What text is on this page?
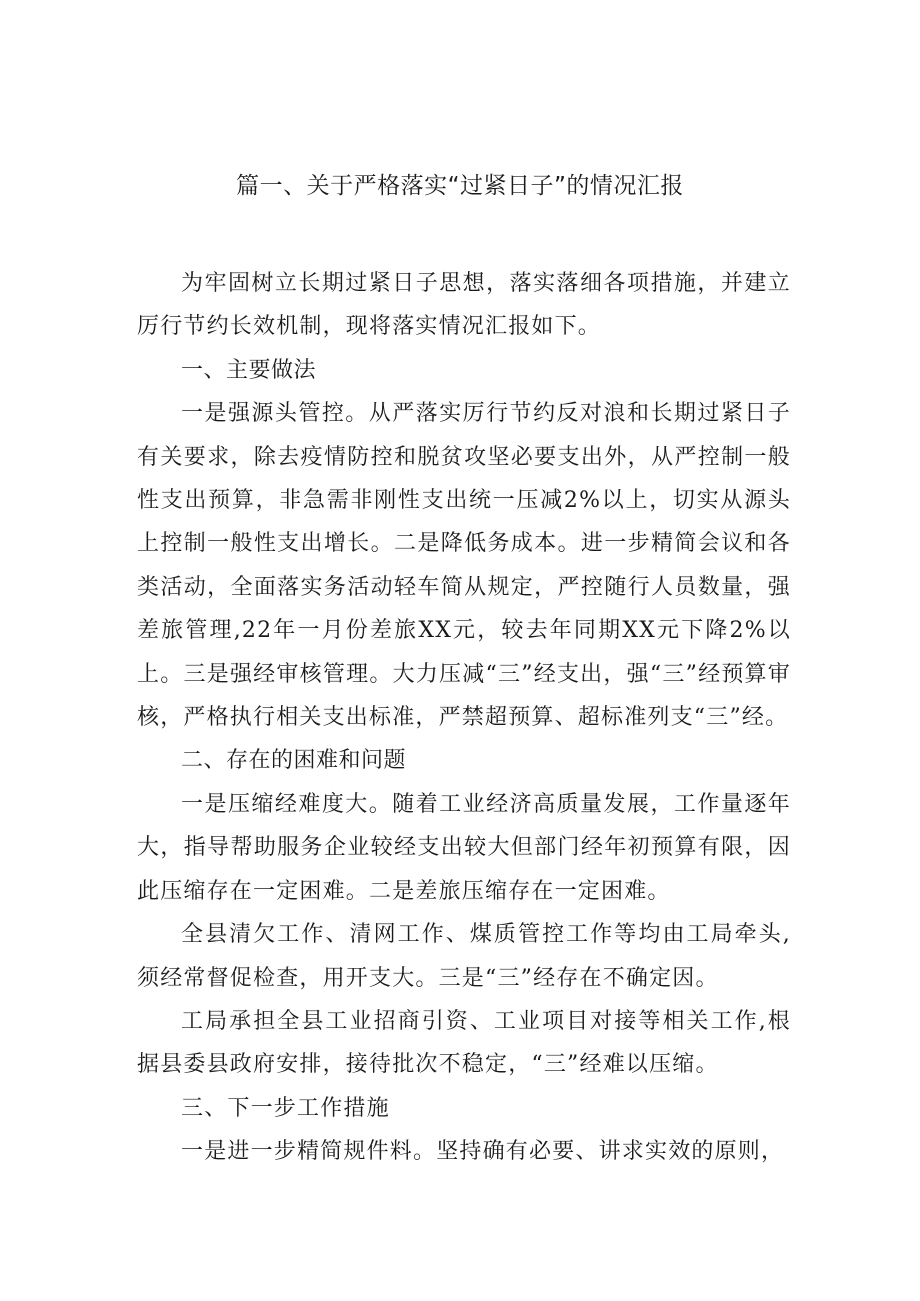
篇一、关于严格落实“过紧日子”的情况汇报

为牢固树立长期过紧日子思想，落实落细各项措施，并建立厉行节约长效机制，现将落实情况汇报如下。

一、主要做法

一是强源头管控。从严落实厉行节约反对浪和长期过紧日子有关要求，除去疫情防控和脱贫攻坚必要支出外，从严控制一般性支出预算，非急需非刚性支出统一压减2%以上，切实从源头上控制一般性支出增长。二是降低务成本。进一步精简会议和各类活动，全面落实务活动轻车简从规定，严控随行人员数量，强差旅管理,22年一月份差旅XX元，较去年同期XX元下降2%以上。三是强经审核管理。大力压减“三”经支出，强“三”经预算审核，严格执行相关支出标准，严禁超预算、超标准列支“三”经。

二、存在的困难和问题

一是压缩经难度大。随着工业经济高质量发展，工作量逐年大，指导帮助服务企业较经支出较大但部门经年初预算有限，因此压缩存在一定困难。二是差旅压缩存在一定困难。

全县清欠工作、清网工作、煤质管控工作等均由工局牵头,须经常督促检查，用开支大。三是“三”经存在不确定因。

工局承担全县工业招商引资、工业项目对接等相关工作,根据县委县政府安排，接待批次不稳定，“三”经难以压缩。

三、下一步工作措施

一是进一步精简规件料。坚持确有必要、讲求实效的原则，
